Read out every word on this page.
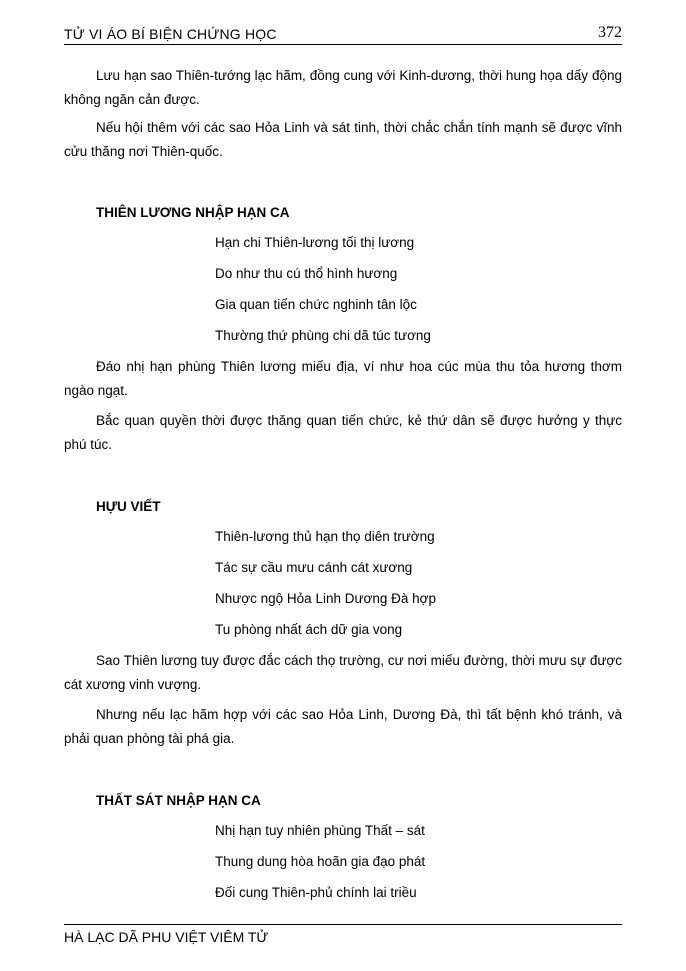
TỬ VI ÁO BÍ BIỆN CHỨNG HỌC	372

Lưu hạn sao Thiên-tướng lạc hãm, đồng cung với Kinh-dương, thời hung họa dấy động không ngăn cản được.

Nếu hội thêm với các sao Hỏa Linh và sát tinh, thời chắc chắn tính mạnh sẽ được vĩnh cửu thăng nơi Thiên-quốc.

THIÊN LƯƠNG NHẬP HẠN CA

Hạn chi Thiên-lương tối thị lương

Do như thu cú thổ hình hương

Gia quan tiến chức nghinh tân lộc

Thường thứ phùng chi dã túc tương

Đáo nhị hạn phùng Thiên lương miếu địa, ví như hoa cúc mùa thu tỏa hương thơm ngào ngạt.

Bắc quan quyền thời được thăng quan tiến chức, kẻ thứ dân sẽ được hưởng y thực phú túc.

HỰU VIẾT

Thiên-lương thủ hạn thọ diên trường

Tác sự cầu mưu cánh cát xương

Nhược ngộ Hỏa Linh Dương Đà hợp

Tu phòng nhất ách dữ gia vong

Sao Thiên lương tuy được đắc cách thọ trường, cư nơi miếu đường, thời mưu sự được cát xương vinh vượng.

Nhưng nếu lạc hãm hợp với các sao Hỏa Linh, Dương Đà, thì tất bệnh khó tránh, và phải quan phòng tài phá gia.

THẤT SÁT NHẬP HẠN CA

Nhị hạn tuy nhiên phùng Thất – sát

Thung dung hòa hoãn gia đạo phát

Đối cung Thiên-phủ chính lai triều

HÀ LẠC DÃ PHU VIỆT VIÊM TỬ
